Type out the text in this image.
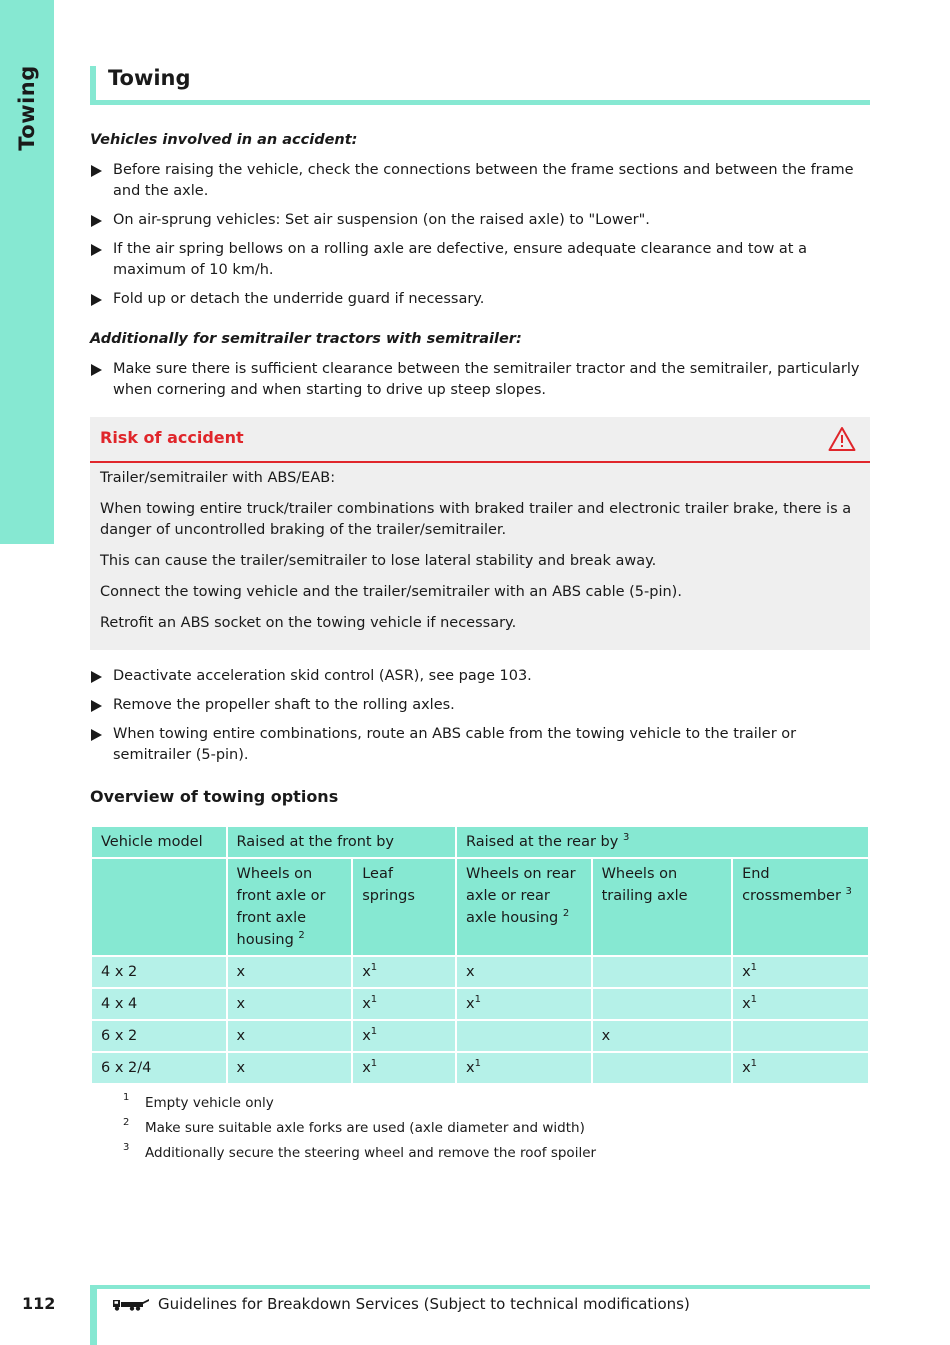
Towing	Towing
Vehicles involved in an accident:
Before raising the vehicle, check the connections between the frame sections and between the frame and the axle.
On air-sprung vehicles: Set air suspension (on the raised axle) to "Lower".
If the air spring bellows on a rolling axle are defective, ensure adequate clearance and tow at a maximum of 10 km/h.
Fold up or detach the underride guard if necessary.
Additionally for semitrailer tractors with semitrailer:
Make sure there is sufficient clearance between the semitrailer tractor and the semitrailer, particularly when cornering and when starting to drive up steep slopes.
Risk of accident

Trailer/semitrailer with ABS/EAB:

When towing entire truck/trailer combinations with braked trailer and electronic trailer brake, there is a danger of uncontrolled braking of the trailer/semitrailer.

This can cause the trailer/semitrailer to lose lateral stability and break away.

Connect the towing vehicle and the trailer/semitrailer with an ABS cable (5-pin).

Retrofit an ABS socket on the towing vehicle if necessary.

Deactivate acceleration skid control (ASR), see page 103.
Remove the propeller shaft to the rolling axles.
When towing entire combinations, route an ABS cable from the towing vehicle to the trailer or semitrailer (5-pin).
Overview of towing options
Vehicle model	Raised at the front by		Raised at the rear by $^3$
	Wheels on front axle or front axle housing $^2$	Leaf springs	Wheels on rear axle or rear axle housing $^2$	Wheels on trailing axle	End crossmember $^3$
4 x 2	x	$x^1$	x		$x^1$
4 x 4	x	$x^1$	$x^1$		$x^1$
6 x 2	x	$x^1$		x	
6 x 2/4	x	$x^1$	$x^1$		$x^1$
1 Empty vehicle only
2 Make sure suitable axle forks are used (axle diameter and width)
3 Additionally secure the steering wheel and remove the roof spoiler
112	Guidelines for Breakdown Services (Subject to technical modifications)
